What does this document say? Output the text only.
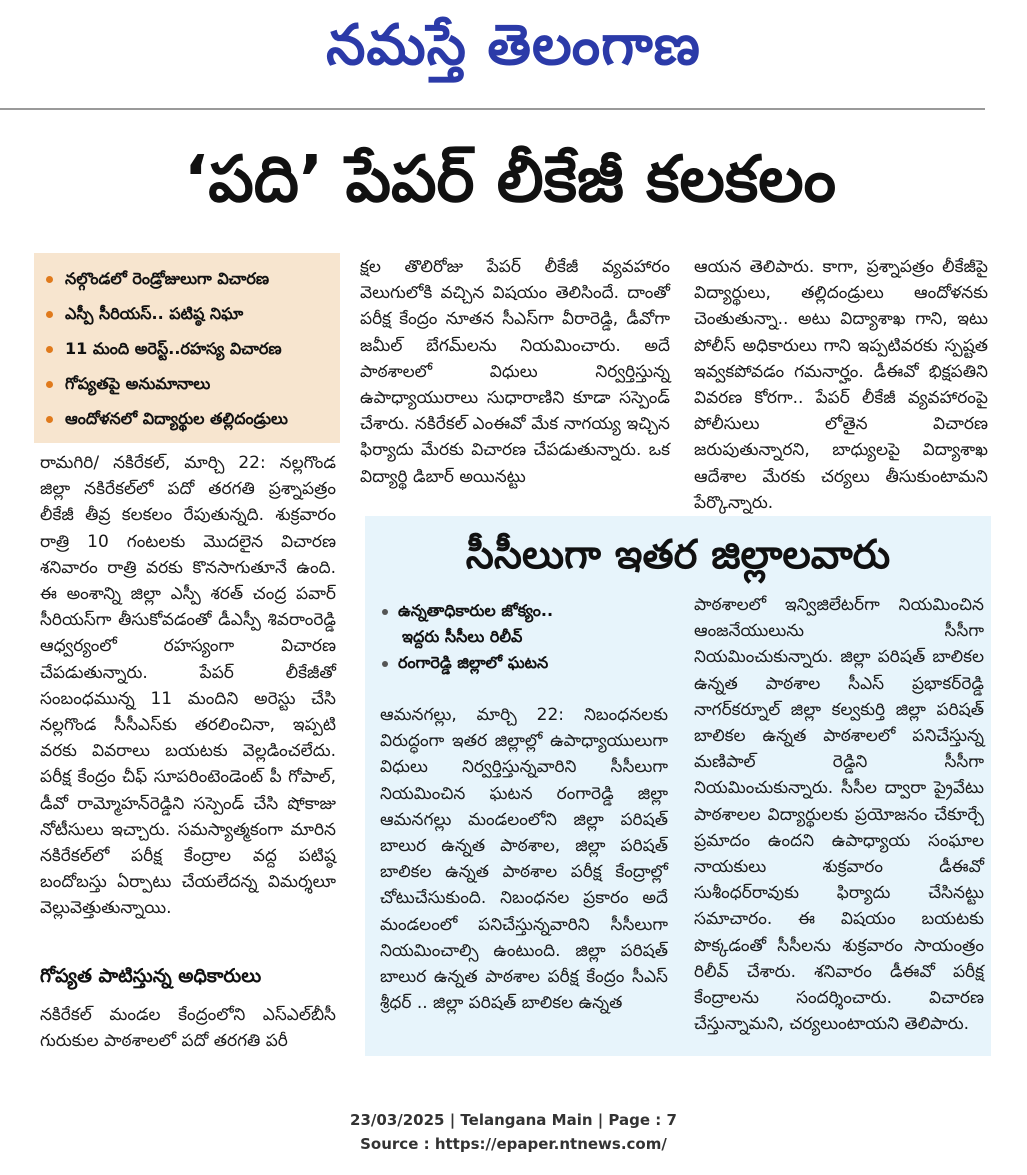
నమస్తే తెలంగాణ
‘పది’ పేపర్ లీకేజీ కలకలం
నల్గొండలో రెండ్రోజులుగా విచారణ
ఎస్పీ సీరియస్.. పటిష్ఠ నిఘా
11 మంది అరెస్ట్..రహస్య విచారణ
గోప్యతపై అనుమానాలు
ఆందోళనలో విద్యార్థుల తల్లిదండ్రులు

రామగిరి/ నకిరేకల్, మార్చి 22: నల్లగొండ జిల్లా నకిరేకల్‌లో పదో తరగతి ప్రశ్నాపత్రం లీకేజీ తీవ్ర కలకలం రేపుతున్నది. శుక్రవారం రాత్రి 10 గంటలకు మొదలైన విచారణ శనివారం రాత్రి వరకు కొనసాగుతూనే ఉంది. ఈ అంశాన్ని జిల్లా ఎస్పీ శరత్ చంద్ర పవార్ సీరియస్‌గా తీసుకోవడంతో డీఎస్పీ శివరాంరెడ్డి ఆధ్వర్యంలో రహస్యంగా విచారణ చేపడుతున్నారు. పేపర్ లీకేజీతో సంబంధమున్న 11 మందిని అరెస్టు చేసి నల్లగొండ సీసీఎస్‌కు తరలించినా, ఇప్పటి వరకు వివరాలు బయటకు వెల్లడించలేదు. పరీక్ష కేంద్రం చీఫ్ సూపరింటెండెంట్ పీ గోపాల్, డీవో రామ్మోహన్‌రెడ్డిని సస్పెండ్ చేసి షోకాజు నోటీసులు ఇచ్చారు. సమస్యాత్మకంగా మారిన నకిరేకల్‌లో పరీక్ష కేంద్రాల వద్ద పటిష్ఠ బందోబస్తు ఏర్పాటు చేయలేదన్న విమర్శలూ వెల్లువెత్తుతున్నాయి.

గోప్యత పాటిస్తున్న అధికారులు

నకిరేకల్ మండల కేంద్రంలోని ఎస్‌ఎల్‌బీసీ గురుకుల పాఠశాలలో పదో తరగతి పరీ

క్షల తొలిరోజు పేపర్ లీకేజీ వ్యవహారం వెలుగులోకి వచ్చిన విషయం తెలిసిందే. దాంతో పరీక్ష కేంద్రం నూతన సీఎస్‌గా వీరారెడ్డి, డీవోగా జమీల్ బేగమ్‌లను నియమించారు. అదే పాఠశాలలో విధులు నిర్వర్తిస్తున్న ఉపాధ్యాయురాలు సుధారాణిని కూడా సస్పెండ్ చేశారు. నకిరేకల్ ఎంఈవో మేక నాగయ్య ఇచ్చిన ఫిర్యాదు మేరకు విచారణ చేపడుతున్నారు. ఒక విద్యార్థి డిబార్ అయినట్టు

ఆయన తెలిపారు. కాగా, ప్రశ్నాపత్రం లీకేజీపై విద్యార్థులు, తల్లిదండ్రులు ఆందోళనకు చెంతుతున్నా.. అటు విద్యాశాఖ గాని, ఇటు పోలీస్ అధికారులు గాని ఇప్పటివరకు స్పష్టత ఇవ్వకపోవడం గమనార్హం. డీఈవో భిక్షపతిని వివరణ కోరగా.. పేపర్ లీకేజీ వ్యవహారంపై పోలీసులు లోతైన విచారణ జరుపుతున్నారని, బాధ్యులపై విద్యాశాఖ ఆదేశాల మేరకు చర్యలు తీసుకుంటామని పేర్కొన్నారు.

సీసీలుగా ఇతర జిల్లాలవారు
ఉన్నతాధికారుల జోక్యం..
ఇద్దరు సీసీలు రిలీవ్
రంగారెడ్డి జిల్లాలో ఘటన

ఆమనగల్లు, మార్చి 22: నిబంధనలకు విరుద్ధంగా ఇతర జిల్లాల్లో ఉపాధ్యాయులుగా విధులు నిర్వర్తిస్తున్నవారిని సీసీలుగా నియమించిన ఘటన రంగారెడ్డి జిల్లా ఆమనగల్లు మండలంలోని జిల్లా పరిషత్ బాలుర ఉన్నత పాఠశాల, జిల్లా పరిషత్ బాలికల ఉన్నత పాఠశాల పరీక్ష కేంద్రాల్లో చోటుచేసుకుంది. నిబంధనల ప్రకారం అదే మండలంలో పనిచేస్తున్నవారిని సీసీలుగా నియమించాల్సి ఉంటుంది. జిల్లా పరిషత్ బాలుర ఉన్నత పాఠశాల పరీక్ష కేంద్రం సీఎస్ శ్రీధర్ .. జిల్లా పరిషత్ బాలికల ఉన్నత

పాఠశాలలో ఇన్విజిలేటర్‌గా నియమించిన ఆంజనేయులును సీసీగా నియమించుకున్నారు. జిల్లా పరిషత్ బాలికల ఉన్నత పాఠశాల సీఎస్ ప్రభాకర్‌రెడ్డి నాగర్‌కర్నూల్ జిల్లా కల్వకుర్తి జిల్లా పరిషత్ బాలికల ఉన్నత పాఠశాలలో పనిచేస్తున్న మణిపాల్ రెడ్డిని సీసీగా నియమించుకున్నారు. సీసీల ద్వారా ప్రైవేటు పాఠశాలల విద్యార్థులకు ప్రయోజనం చేకూర్చే ప్రమాదం ఉందని ఉపాధ్యాయ సంఘాల నాయకులు శుక్రవారం డీఈవో సుశీంధర్‌రావుకు ఫిర్యాదు చేసినట్టు సమాచారం. ఈ విషయం బయటకు పొక్కడంతో సీసీలను శుక్రవారం సాయంత్రం రిలీవ్ చేశారు. శనివారం డీఈవో పరీక్ష కేంద్రాలను సందర్శించారు. విచారణ చేస్తున్నామని, చర్యలుంటాయని తెలిపారు.

23/03/2025 | Telangana Main | Page : 7
Source : https://epaper.ntnews.com/
